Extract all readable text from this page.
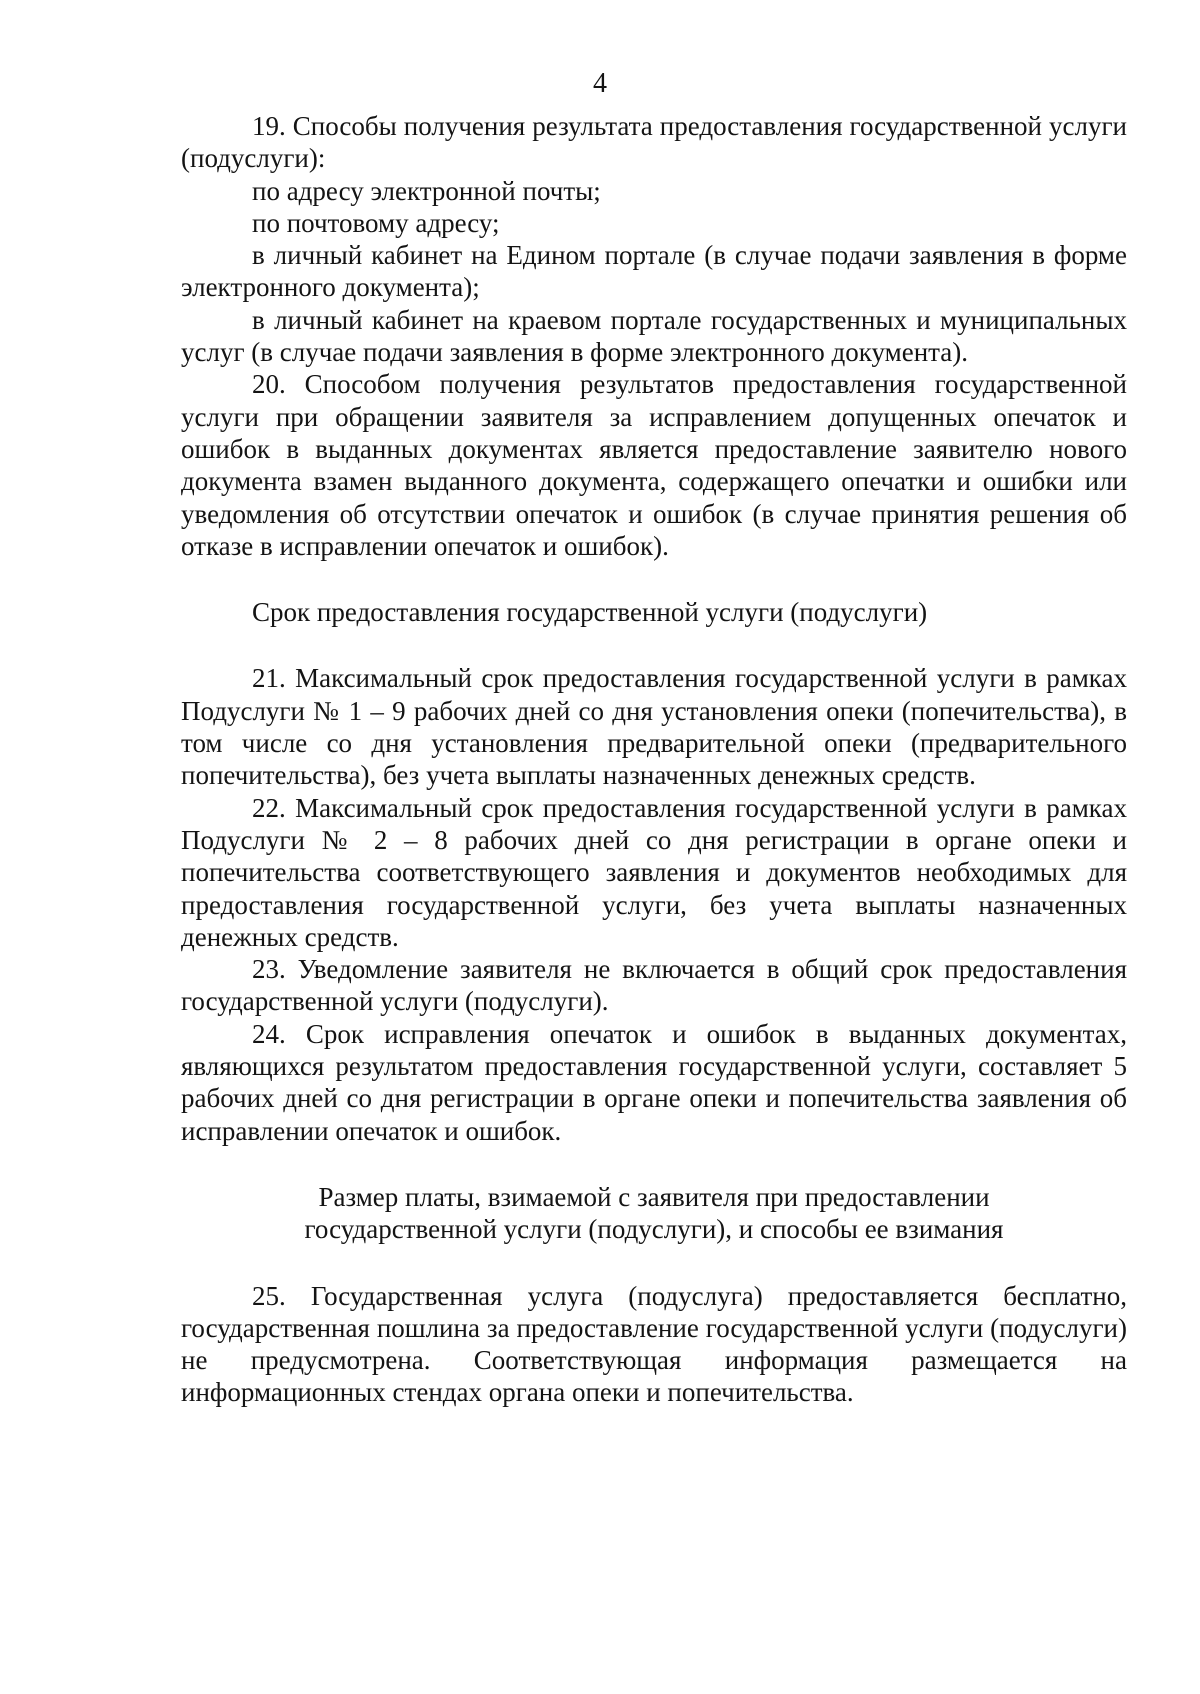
4

19. Способы получения результата предоставления государственной услуги (подуслуги):

по адресу электронной почты;

по почтовому адресу;

в личный кабинет на Едином портале (в случае подачи заявления в форме электронного документа);

в личный кабинет на краевом портале государственных и муниципальных услуг (в случае подачи заявления в форме электронного документа).

20. Способом получения результатов предоставления государственной услуги при обращении заявителя за исправлением допущенных опечаток и ошибок в выданных документах является предоставление заявителю нового документа взамен выданного документа, содержащего опечатки и ошибки или уведомления об отсутствии опечаток и ошибок (в случае принятия решения об отказе в исправлении опечаток и ошибок).

Срок предоставления государственной услуги (подуслуги)

21. Максимальный срок предоставления государственной услуги в рамках Подуслуги № 1 – 9 рабочих дней со дня установления опеки (попечительства), в том числе со дня установления предварительной опеки (предварительного попечительства), без учета выплаты назначенных денежных средств.

22. Максимальный срок предоставления государственной услуги в рамках Подуслуги № 2 – 8 рабочих дней со дня регистрации в органе опеки и попечительства соответствующего заявления и документов необходимых для предоставления государственной услуги, без учета выплаты назначенных денежных средств.

23. Уведомление заявителя не включается в общий срок предоставления государственной услуги (подуслуги).

24. Срок исправления опечаток и ошибок в выданных документах, являющихся результатом предоставления государственной услуги, составляет 5 рабочих дней со дня регистрации в органе опеки и попечительства заявления об исправлении опечаток и ошибок.

Размер платы, взимаемой с заявителя при предоставлении
государственной услуги (подуслуги), и способы ее взимания

25. Государственная услуга (подуслуга) предоставляется бесплатно, государственная пошлина за предоставление государственной услуги (подуслуги) не предусмотрена. Соответствующая информация размещается на информационных стендах органа опеки и попечительства.
